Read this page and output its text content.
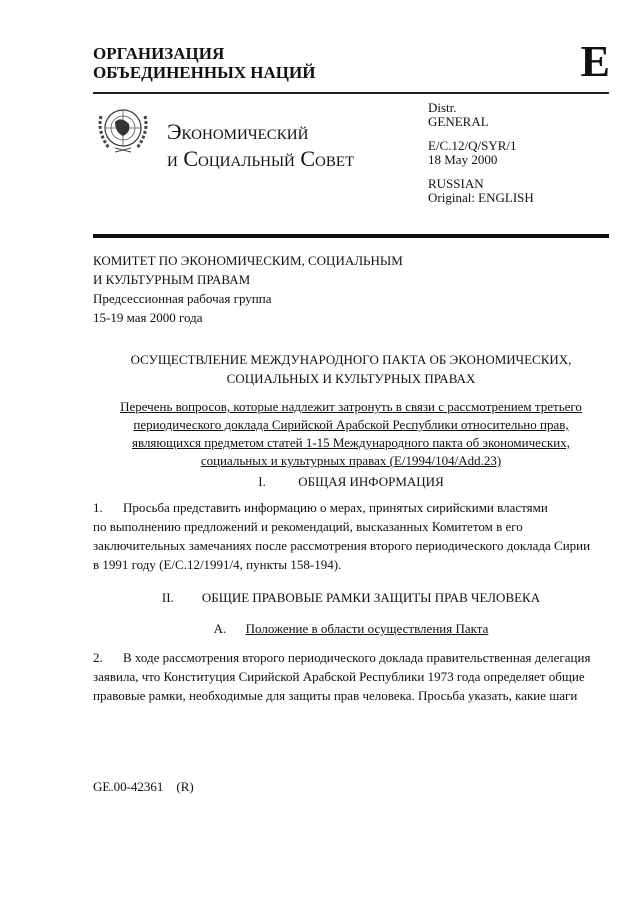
ОРГАНИЗАЦИЯ
ОБЪЕДИНЕННЫХ НАЦИЙ	E
Экономический
и Социальный Совет
Distr.
GENERAL
E/C.12/Q/SYR/1
18 May 2000
RUSSIAN
Original: ENGLISH
КОМИТЕТ ПО ЭКОНОМИЧЕСКИМ, СОЦИАЛЬНЫМ
И КУЛЬТУРНЫМ ПРАВАМ
Предсессионная рабочая группа
15-19 мая 2000 года
ОСУЩЕСТВЛЕНИЕ МЕЖДУНАРОДНОГО ПАКТА ОБ ЭКОНОМИЧЕСКИХ,
СОЦИАЛЬНЫХ И КУЛЬТУРНЫХ ПРАВАХ
Перечень вопросов, которые надлежит затронуть в связи с рассмотрением третьего
периодического доклада Сирийской Арабской Республики относительно прав,
являющихся предметом статей 1-15 Международного пакта об экономических,
социальных и культурных правах (E/1994/104/Add.23)
I. ОБЩАЯ ИНФОРМАЦИЯ
1. Просьба представить информацию о мерах, принятых сирийскими властями
по выполнению предложений и рекомендаций, высказанных Комитетом в его
заключительных замечаниях после рассмотрения второго периодического доклада Сирии
в 1991 году (E/C.12/1991/4, пункты 158-194).
II. ОБЩИЕ ПРАВОВЫЕ РАМКИ ЗАЩИТЫ ПРАВ ЧЕЛОВЕКА
A. Положение в области осуществления Пакта
2. В ходе рассмотрения второго периодического доклада правительственная делегация
заявила, что Конституция Сирийской Арабской Республики 1973 года определяет общие
правовые рамки, необходимые для защиты прав человека. Просьба указать, какие шаги
GE.00-42361    (R)
